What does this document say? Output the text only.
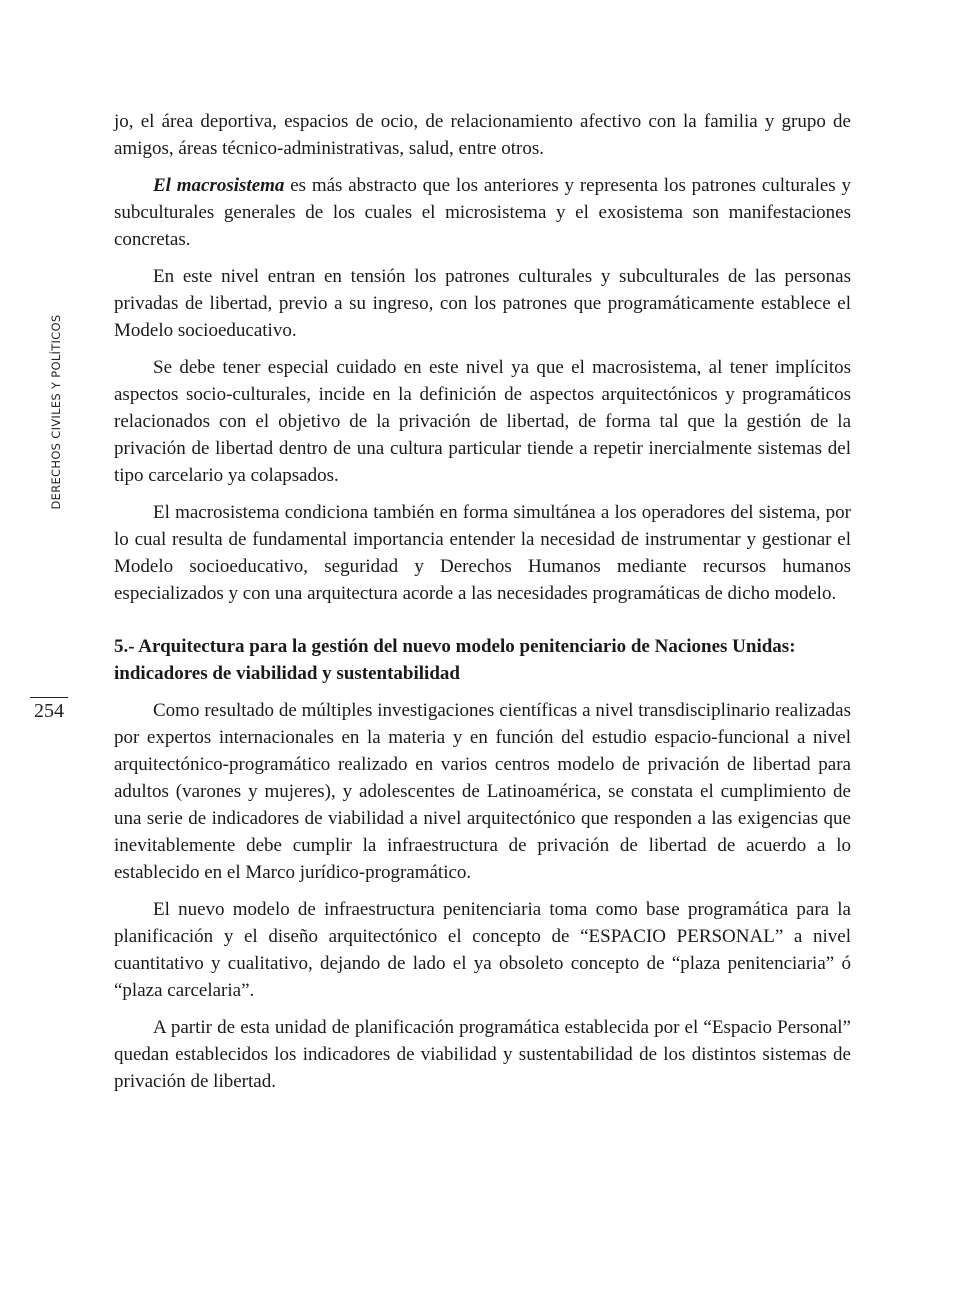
DERECHOS CIVILES Y POLÍTICOS
254

jo, el área deportiva, espacios de ocio, de relacionamiento afectivo con la familia y grupo de amigos, áreas técnico-administrativas, salud, entre otros.

El macrosistema es más abstracto que los anteriores y representa los patrones culturales y subculturales generales de los cuales el microsistema y el exosistema son manifestaciones concretas.

En este nivel entran en tensión los patrones culturales y subculturales de las personas privadas de libertad, previo a su ingreso, con los patrones que programáticamente establece el Modelo socioeducativo.

Se debe tener especial cuidado en este nivel ya que el macrosistema, al tener implícitos aspectos socio-culturales, incide en la definición de aspectos arquitectónicos y programáticos relacionados con el objetivo de la privación de libertad, de forma tal que la gestión de la privación de libertad dentro de una cultura particular tiende a repetir inercialmente sistemas del tipo carcelario ya colapsados.

El macrosistema condiciona también en forma simultánea a los operadores del sistema, por lo cual resulta de fundamental importancia entender la necesidad de instrumentar y gestionar el Modelo socioeducativo, seguridad y Derechos Humanos mediante recursos humanos especializados y con una arquitectura acorde a las necesidades programáticas de dicho modelo.

5.- Arquitectura para la gestión del nuevo modelo penitenciario de Naciones Unidas: indicadores de viabilidad y sustentabilidad

Como resultado de múltiples investigaciones científicas a nivel transdisciplinario realizadas por expertos internacionales en la materia y en función del estudio espacio-funcional a nivel arquitectónico-programático realizado en varios centros modelo de privación de libertad para adultos (varones y mujeres), y adolescentes de Latinoamérica, se constata el cumplimiento de una serie de indicadores de viabilidad a nivel arquitectónico que responden a las exigencias que inevitablemente debe cumplir la infraestructura de privación de libertad de acuerdo a lo establecido en el Marco jurídico-programático.

El nuevo modelo de infraestructura penitenciaria toma como base programática para la planificación y el diseño arquitectónico el concepto de “ESPACIO PERSONAL” a nivel cuantitativo y cualitativo, dejando de lado el ya obsoleto concepto de “plaza penitenciaria” ó “plaza carcelaria”.

A partir de esta unidad de planificación programática establecida por el “Espacio Personal” quedan establecidos los indicadores de viabilidad y sustentabilidad de los distintos sistemas de privación de libertad.
